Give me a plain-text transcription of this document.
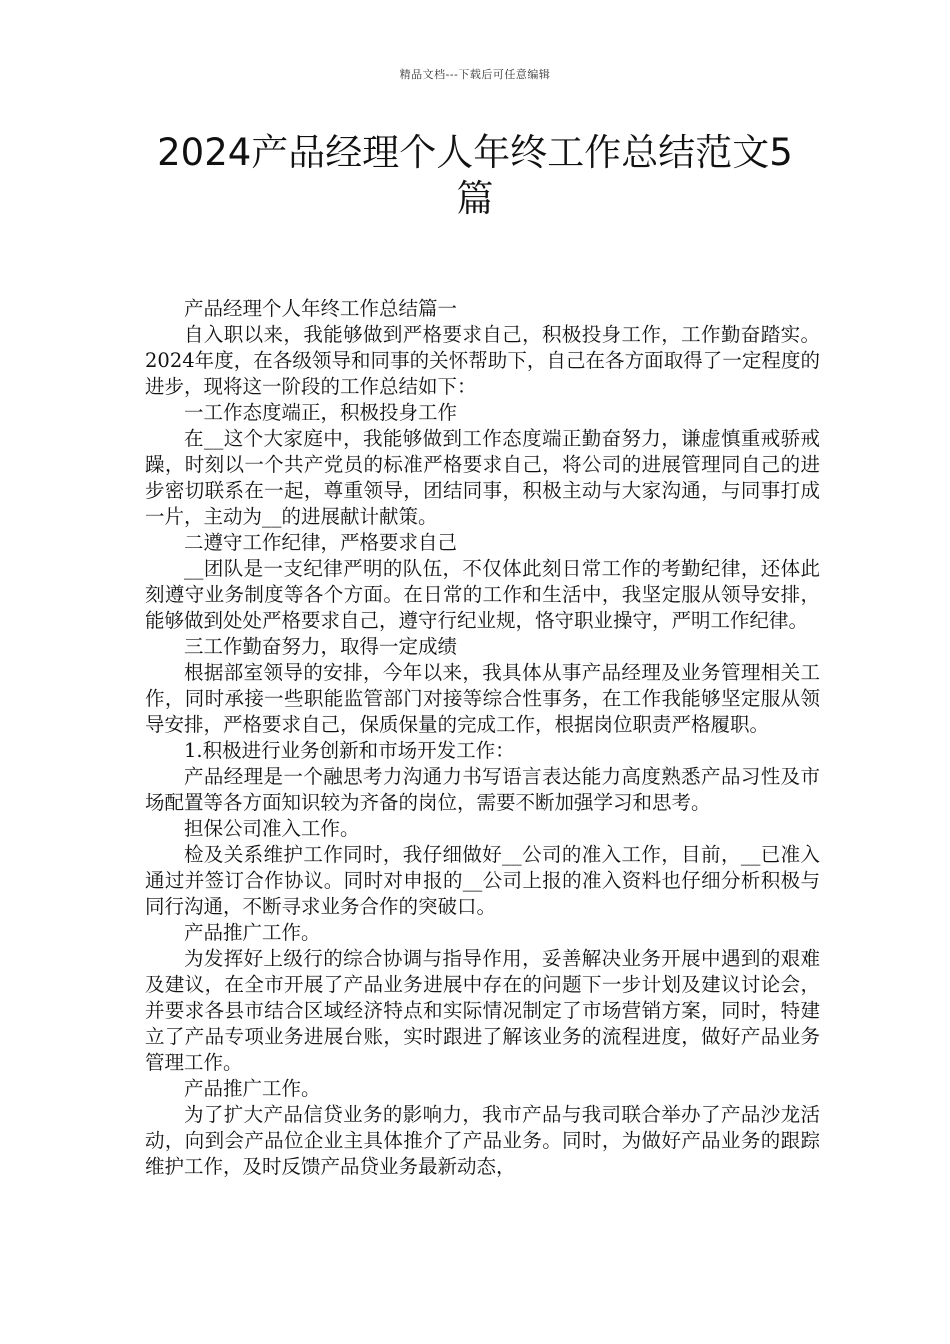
精品文档---下载后可任意编辑
2024产品经理个人年终工作总结范文5
篇

产品经理个人年终工作总结篇一

自入职以来，我能够做到严格要求自己，积极投身工作，工作勤奋踏实。2024年度，在各级领导和同事的关怀帮助下，自己在各方面取得了一定程度的进步，现将这一阶段的工作总结如下：

一工作态度端正，积极投身工作

在__这个大家庭中，我能够做到工作态度端正勤奋努力，谦虚慎重戒骄戒躁，时刻以一个共产党员的标准严格要求自己，将公司的进展管理同自己的进步密切联系在一起，尊重领导，团结同事，积极主动与大家沟通，与同事打成一片，主动为__的进展献计献策。

二遵守工作纪律，严格要求自己

__团队是一支纪律严明的队伍，不仅体此刻日常工作的考勤纪律，还体此刻遵守业务制度等各个方面。在日常的工作和生活中，我坚定服从领导安排，能够做到处处严格要求自己，遵守行纪业规，恪守职业操守，严明工作纪律。

三工作勤奋努力，取得一定成绩

根据部室领导的安排，今年以来，我具体从事产品经理及业务管理相关工作，同时承接一些职能监管部门对接等综合性事务，在工作我能够坚定服从领导安排，严格要求自己，保质保量的完成工作，根据岗位职责严格履职。

1.积极进行业务创新和市场开发工作：

产品经理是一个融思考力沟通力书写语言表达能力高度熟悉产品习性及市场配置等各方面知识较为齐备的岗位，需要不断加强学习和思考。

担保公司准入工作。

检及关系维护工作同时，我仔细做好__公司的准入工作，目前，__已准入通过并签订合作协议。同时对申报的__公司上报的准入资料也仔细分析积极与同行沟通，不断寻求业务合作的突破口。

产品推广工作。

为发挥好上级行的综合协调与指导作用，妥善解决业务开展中遇到的艰难及建议，在全市开展了产品业务进展中存在的问题下一步计划及建议讨论会，并要求各县市结合区域经济特点和实际情况制定了市场营销方案，同时，特建立了产品专项业务进展台账，实时跟进了解该业务的流程进度，做好产品业务管理工作。

产品推广工作。

为了扩大产品信贷业务的影响力，我市产品与我司联合举办了产品沙龙活动，向到会产品位企业主具体推介了产品业务。同时，为做好产品业务的跟踪维护工作，及时反馈产品贷业务最新动态，
